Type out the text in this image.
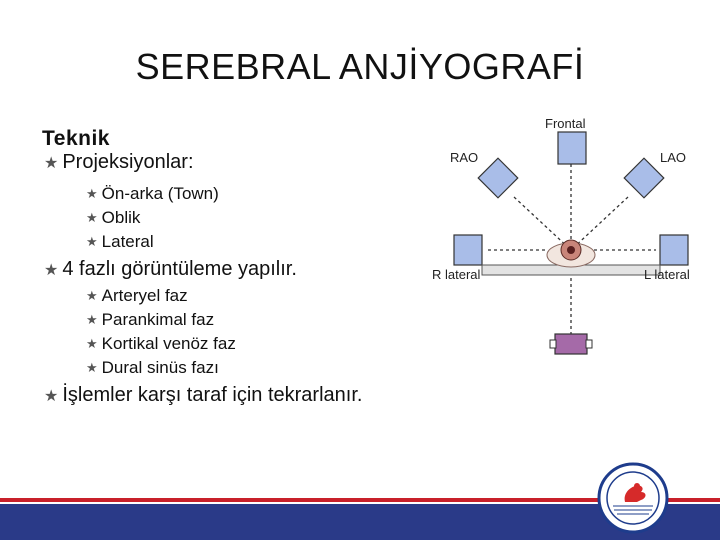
SEREBRAL ANJİYOGRAFİ
Teknik
★ Projeksiyonlar:
★ Ön-arka (Town)
★ Oblik
★ Lateral
★ 4 fazlı görüntüleme yapılır.
★ Arteryel faz
★ Parankimal faz
★ Kortikal venöz faz
★ Dural sinüs fazı
★ İşlemler karşı taraf için tekrarlanır.
Frontal
RAO	LAO
R lateral	L lateral
